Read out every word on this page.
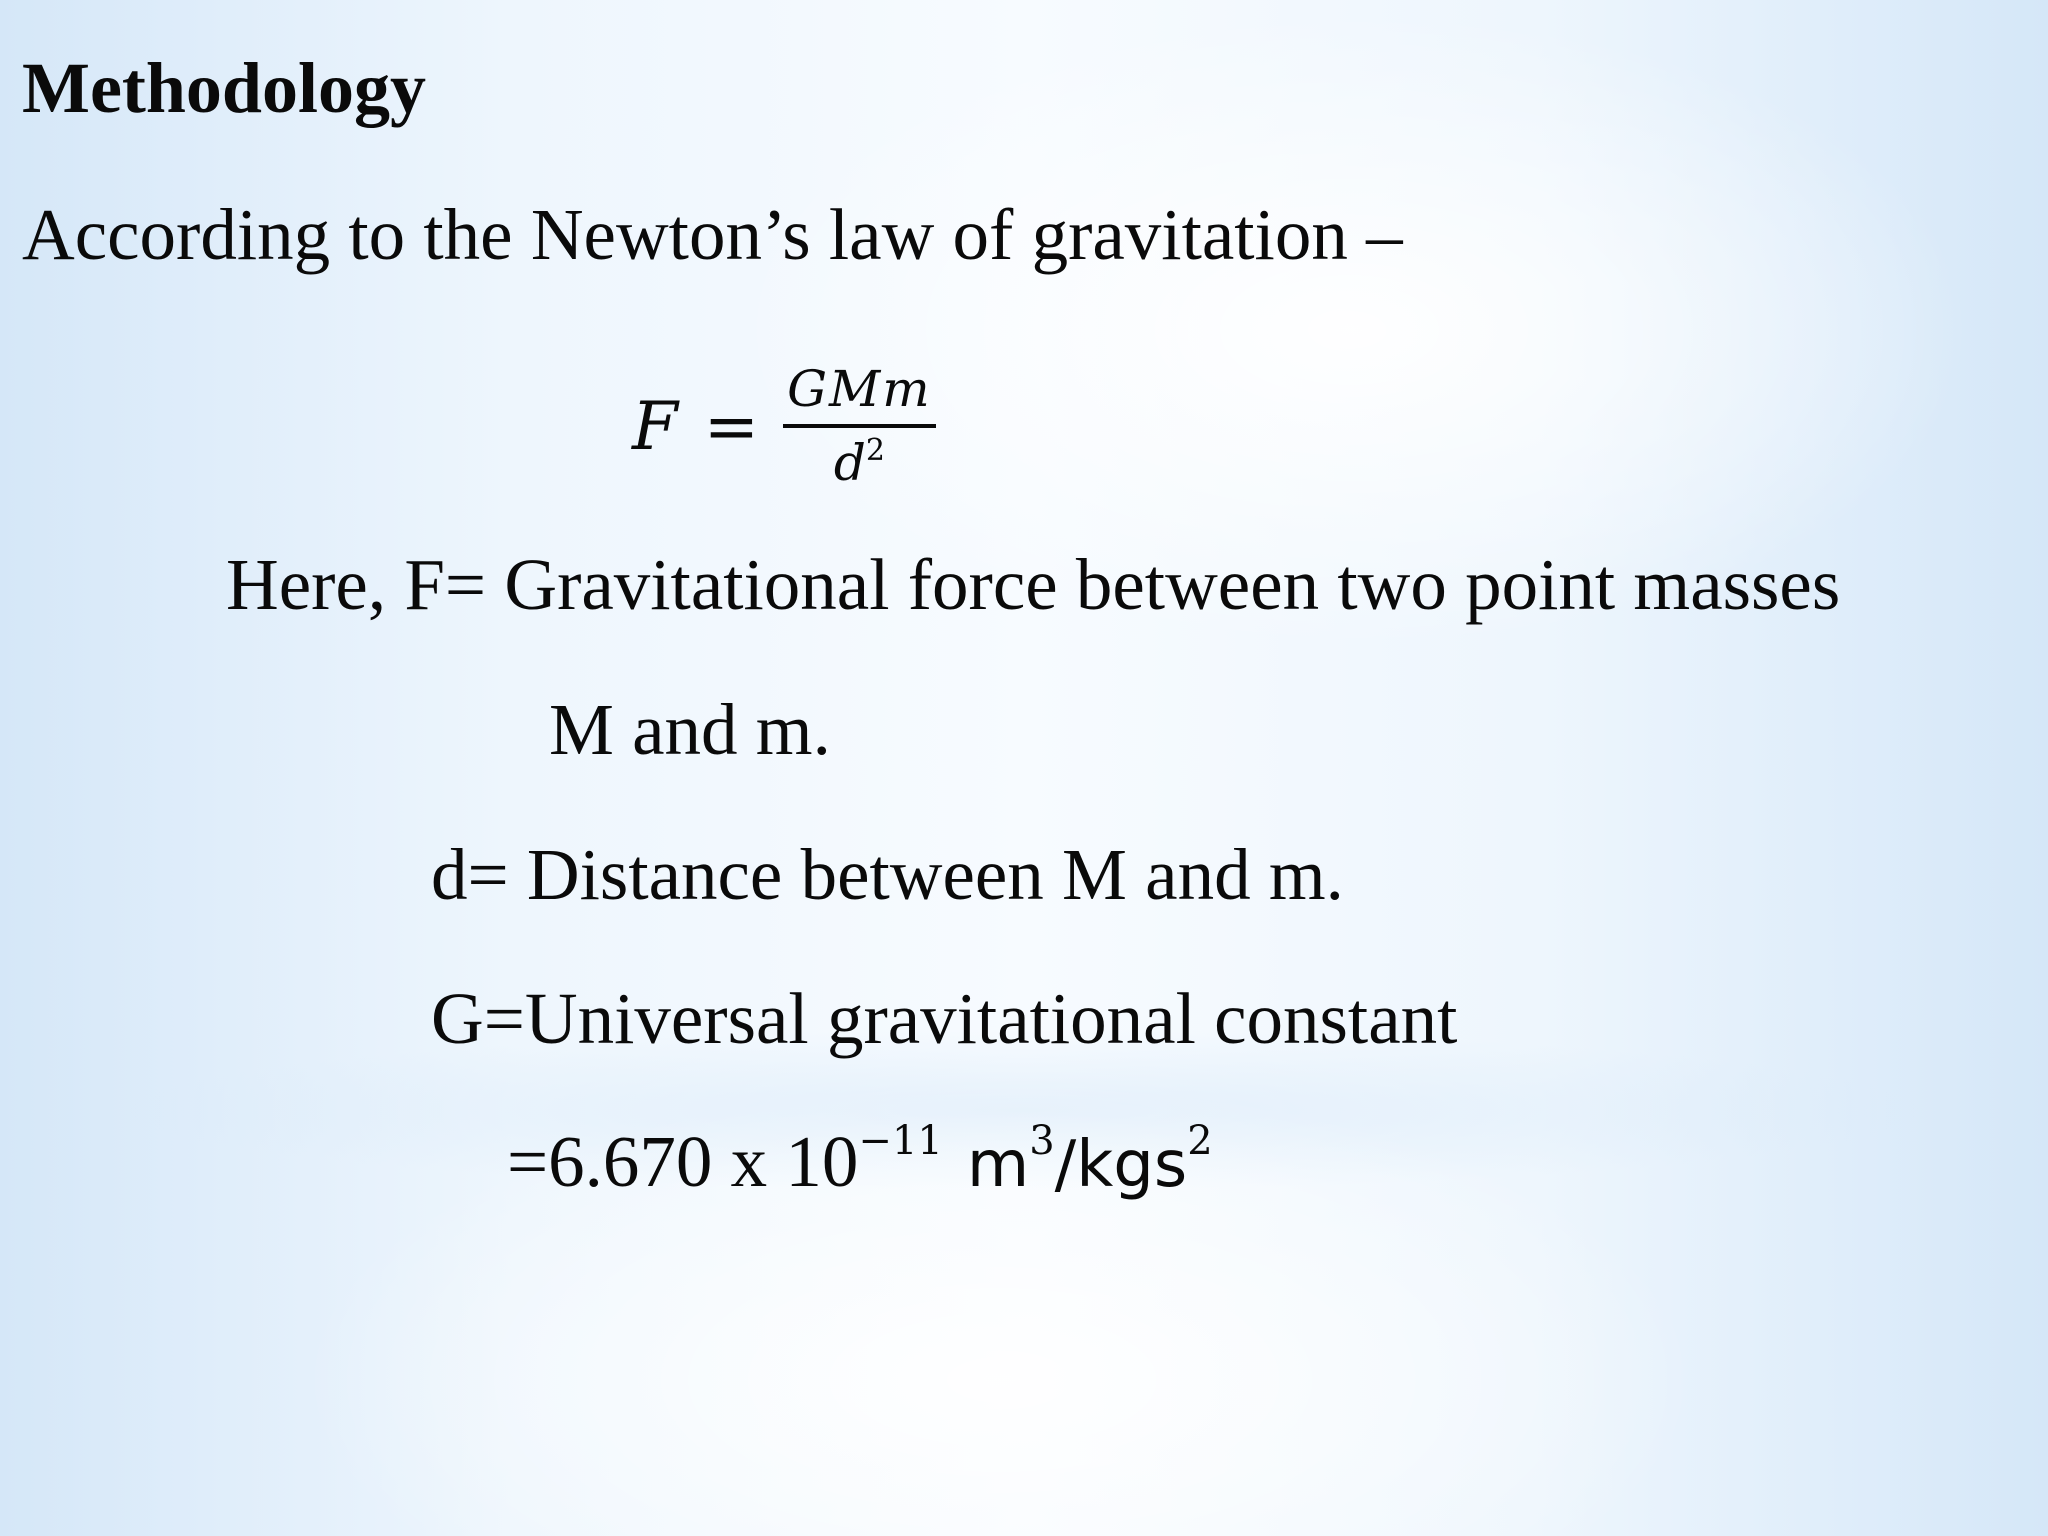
Methodology
According to the Newton’s law of gravitation –
$F = \frac{\text{GMm}}{d^2}$
Here, F= Gravitational force between two point masses
M and m.
d= Distance between M and m.
G=Universal gravitational constant
=6.670 x $10^{-11}$ $m^3/kgs^2$
